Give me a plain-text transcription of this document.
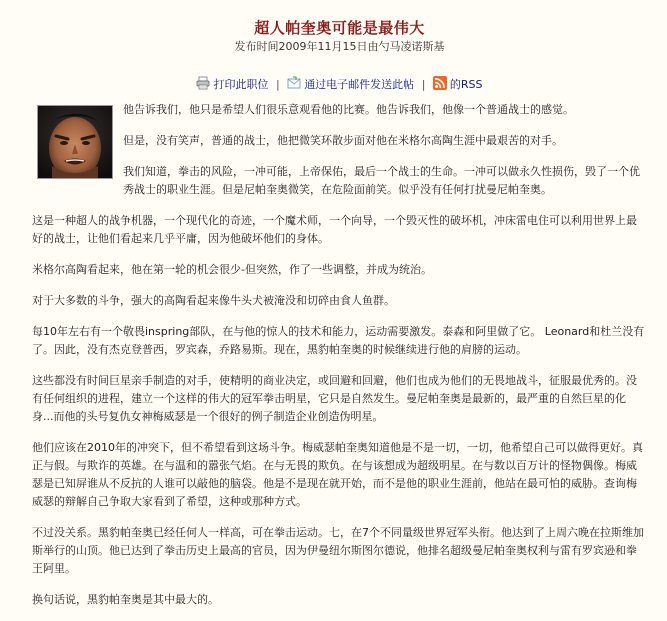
超人帕奎奥可能是最伟大
发布时间2009年11月15日由勺马凌诺斯基
打印此职位 | 通过电子邮件发送此帖 | 的RSS

他告诉我们，他只是希望人们很乐意观看他的比赛。他告诉我们，他像一个普通战士的感觉。

但是，没有笑声，普通的战士，他把微笑环散步面对他在米格尔高陶生涯中最艰苦的对手。

我们知道，拳击的风险，一冲可能，上帝保佑，最后一个战士的生命。一冲可以做永久性损伤，毁了一个优秀战士的职业生涯。但是尼帕奎奥微笑，在危险面前笑。似乎没有任何打扰曼尼帕奎奥。

这是一种超人的战争机器，一个现代化的奇迹，一个魔术师，一个向导，一个毁灭性的破坏机，冲床雷电住可以利用世界上最好的战士，让他们看起来几乎平庸，因为他破坏他们的身体。

米格尔高陶看起来，他在第一轮的机会很少-但突然，作了一些调整，并成为统治。

对于大多数的斗争，强大的高陶看起来像牛头犬被淹没和切碎由食人鱼群。

每10年左右有一个敬畏inspring部队，在与他的惊人的技术和能力，运动需要激发。泰森和阿里做了它。 Leonard和杜兰没有了。因此，没有杰克登普西，罗宾森，乔路易斯。现在，黑豹帕奎奥的时候继续进行他的肩膀的运动。

这些都没有时间巨星亲手制造的对手，使精明的商业决定，或回避和回避，他们也成为他们的无畏地战斗，征服最优秀的。没有任何组织的进程，建立一个这样的伟大的冠军拳击明星，它只是自然发生。曼尼帕奎奥是最新的，最严重的自然巨星的化身...而他的头号复仇女神梅威瑟是一个很好的例子制造企业创造伪明星。

他们应该在2010年的冲突下，但不希望看到这场斗争。梅威瑟帕奎奥知道他是不是一切，一切，他希望自己可以做得更好。真正与假。与欺诈的英雄。在与温和的嚣张气焰。在与无畏的欺负。在与该想成为超级明星。在与数以百万计的怪物偶像。梅威瑟是已知屏谁从不反抗的人谁可以敲他的脑袋。他是不是现在就开始，而不是他的职业生涯前，他站在最可怕的威胁。查询梅威瑟的辩解自己争取大家看到了希望，这种或那种方式。

不过没关系。黑豹帕奎奥已经任何人一样高，可在拳击运动。七，在7个不同量级世界冠军头衔。他达到了上周六晚在拉斯维加斯举行的山顶。他已达到了拳击历史上最高的官员，因为伊曼纽尔斯图尔德说，他排名超级曼尼帕奎奥权利与雷有罗宾逊和拳王阿里。

换句话说，黑豹帕奎奥是其中最大的。
